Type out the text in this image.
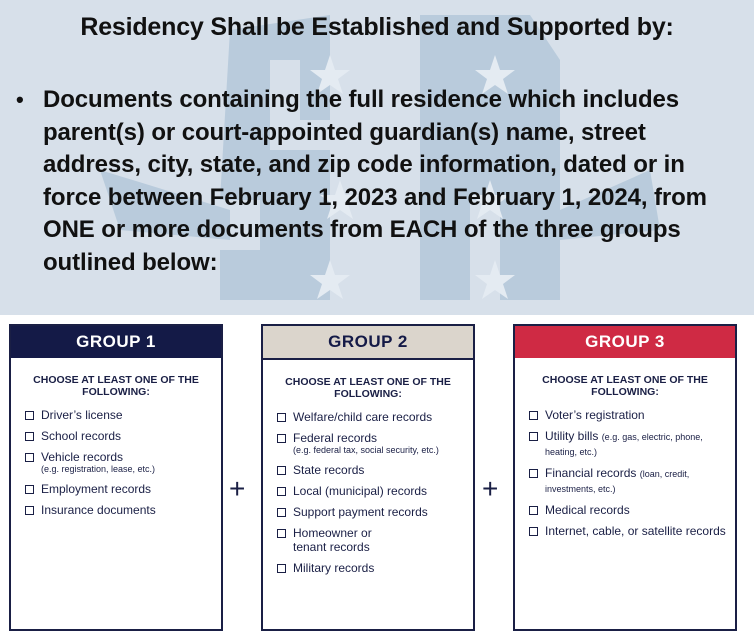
Residency Shall be Established and Supported by:
• Documents containing the full residence which includes parent(s) or court-appointed guardian(s) name, street address, city, state, and zip code information, dated or in force between February 1, 2023 and February 1, 2024, from ONE or more documents from EACH of the three groups outlined below:
GROUP 1
CHOOSE AT LEAST ONE OF THE FOLLOWING:
Driver’s license
School records
Vehicle records
(e.g. registration, lease, etc.)
Employment records
Insurance documents
+
GROUP 2
CHOOSE AT LEAST ONE OF THE FOLLOWING:
Welfare/child care records
Federal records
(e.g. federal tax, social security, etc.)
State records
Local (municipal) records
Support payment records
Homeowner or tenant records
Military records
+
GROUP 3
CHOOSE AT LEAST ONE OF THE FOLLOWING:
Voter’s registration
Utility bills (e.g. gas, electric, phone, heating, etc.)
Financial records (loan, credit, investments, etc.)
Medical records
Internet, cable, or satellite records
